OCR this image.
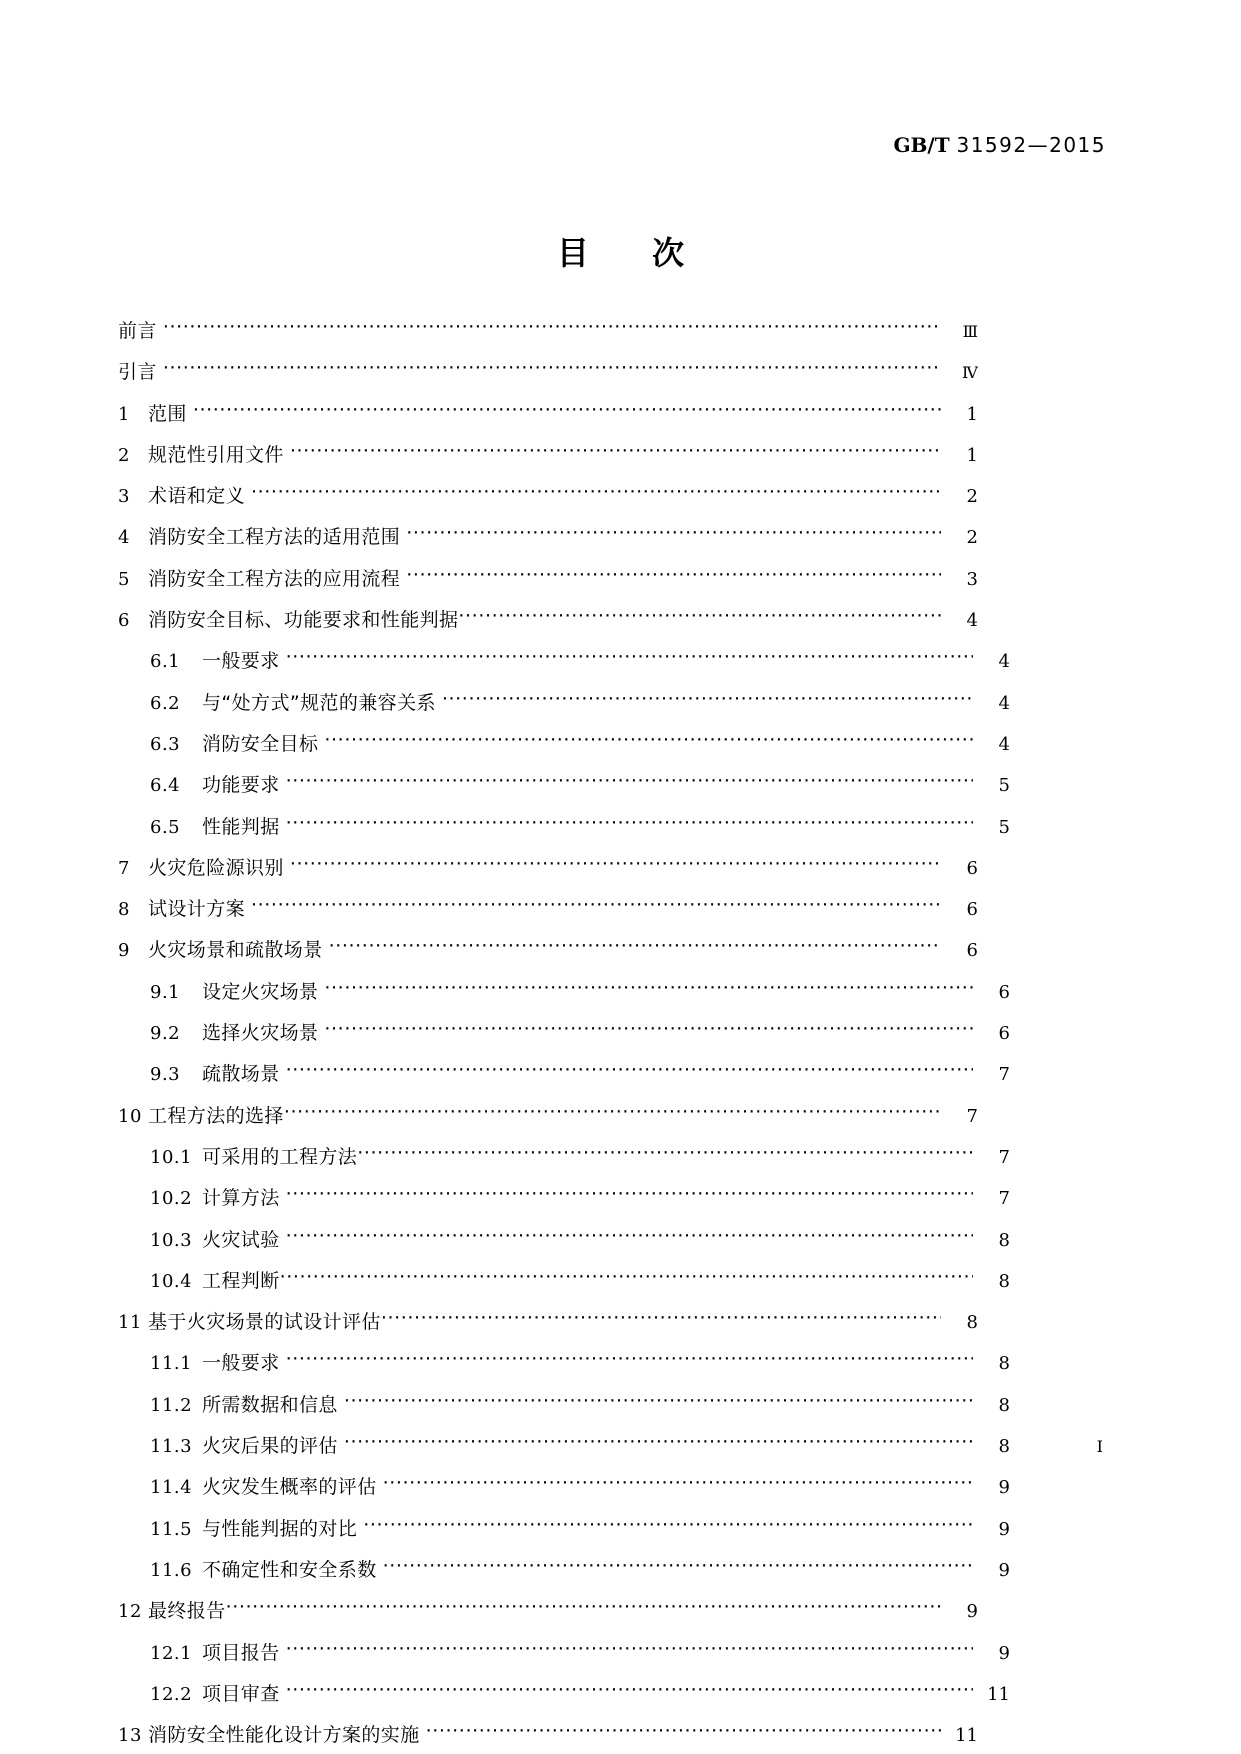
GB/T 31592—2015
目 次
前言 ·····	Ⅲ
引言 ·····	Ⅳ
1 范围 ·····	1
2 规范性引用文件 ·····	1
3 术语和定义 ·····	2
4 消防安全工程方法的适用范围 ·····	2
5 消防安全工程方法的应用流程 ·····	3
6 消防安全目标、功能要求和性能判据 ·····	4
6.1	一般要求 ·····	4
6.2	与“处方式”规范的兼容关系 ·····	4
6.3	消防安全目标 ·····	4
6.4	功能要求 ·····	5
6.5	性能判据 ·····	5
7 火灾危险源识别 ·····	6
8 试设计方案 ·····	6
9 火灾场景和疏散场景 ·····	6
9.1	设定火灾场景 ·····	6
9.2	选择火灾场景 ·····	6
9.3	疏散场景 ·····	7
10 工程方法的选择 ·····	7
10.1 可采用的工程方法 ·····	7
10.2 计算方法 ·····	7
10.3 火灾试验 ·····	8
10.4 工程判断 ·····	8
11 基于火灾场景的试设计评估 ·····	8
11.1 一般要求 ·····	8
11.2 所需数据和信息 ·····	8
11.3 火灾后果的评估 ·····	8
11.4 火灾发生概率的评估 ·····	9
11.5 与性能判据的对比 ·····	9
11.6 不确定性和安全系数 ·····	9
12 最终报告 ·····	9
12.1 项目报告 ·····	9
12.2 项目审查 ·····	11
13 消防安全性能化设计方案的实施 ·····	11
I
